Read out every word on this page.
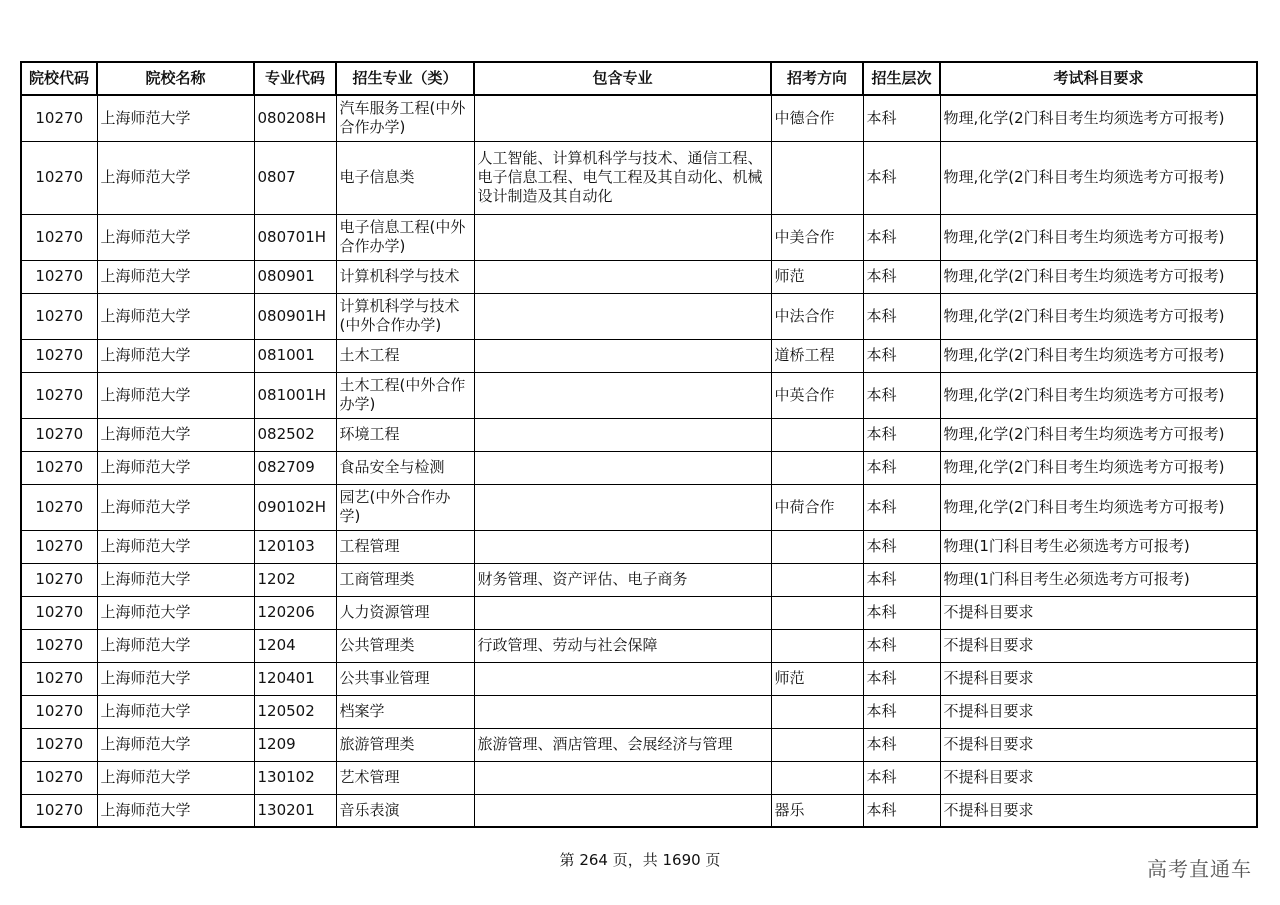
院校代码	院校名称	专业代码	招生专业（类）	包含专业	招考方向	招生层次	考试科目要求
10270	上海师范大学	080208H	汽车服务工程(中外合作办学)		中德合作	本科	物理,化学(2门科目考生均须选考方可报考)
10270	上海师范大学	0807	电子信息类	人工智能、计算机科学与技术、通信工程、电子信息工程、电气工程及其自动化、机械设计制造及其自动化		本科	物理,化学(2门科目考生均须选考方可报考)
10270	上海师范大学	080701H	电子信息工程(中外合作办学)		中美合作	本科	物理,化学(2门科目考生均须选考方可报考)
10270	上海师范大学	080901	计算机科学与技术		师范	本科	物理,化学(2门科目考生均须选考方可报考)
10270	上海师范大学	080901H	计算机科学与技术(中外合作办学)		中法合作	本科	物理,化学(2门科目考生均须选考方可报考)
10270	上海师范大学	081001	土木工程		道桥工程	本科	物理,化学(2门科目考生均须选考方可报考)
10270	上海师范大学	081001H	土木工程(中外合作办学)		中英合作	本科	物理,化学(2门科目考生均须选考方可报考)
10270	上海师范大学	082502	环境工程			本科	物理,化学(2门科目考生均须选考方可报考)
10270	上海师范大学	082709	食品安全与检测			本科	物理,化学(2门科目考生均须选考方可报考)
10270	上海师范大学	090102H	园艺(中外合作办学)		中荷合作	本科	物理,化学(2门科目考生均须选考方可报考)
10270	上海师范大学	120103	工程管理			本科	物理(1门科目考生必须选考方可报考)
10270	上海师范大学	1202	工商管理类	财务管理、资产评估、电子商务		本科	物理(1门科目考生必须选考方可报考)
10270	上海师范大学	120206	人力资源管理			本科	不提科目要求
10270	上海师范大学	1204	公共管理类	行政管理、劳动与社会保障		本科	不提科目要求
10270	上海师范大学	120401	公共事业管理		师范	本科	不提科目要求
10270	上海师范大学	120502	档案学			本科	不提科目要求
10270	上海师范大学	1209	旅游管理类	旅游管理、酒店管理、会展经济与管理		本科	不提科目要求
10270	上海师范大学	130102	艺术管理			本科	不提科目要求
10270	上海师范大学	130201	音乐表演		器乐	本科	不提科目要求
第 264 页，共 1690 页	高考直通车
